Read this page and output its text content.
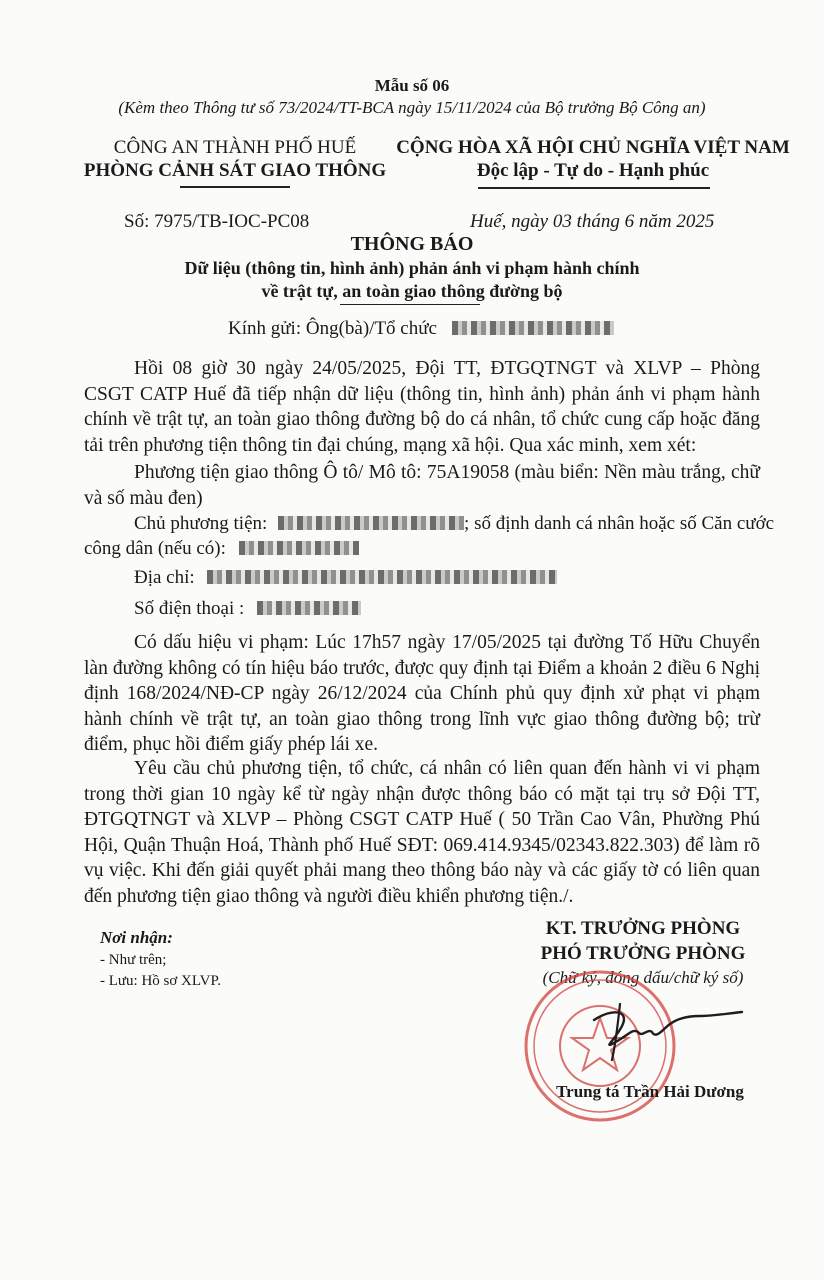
Mẫu số 06
(Kèm theo Thông tư số 73/2024/TT-BCA ngày 15/11/2024 của Bộ trưởng Bộ Công an)
CÔNG AN THÀNH PHỐ HUẾ
PHÒNG CẢNH SÁT GIAO THÔNG
CỘNG HÒA XÃ HỘI CHỦ NGHĨA VIỆT NAM
Độc lập - Tự do - Hạnh phúc
Số: 7975/TB-IOC-PC08	Huế, ngày 03 tháng 6 năm 2025
THÔNG BÁO
Dữ liệu (thông tin, hình ảnh) phản ánh vi phạm hành chính
về trật tự, an toàn giao thông đường bộ
Kính gửi: Ông(bà)/Tổ chức
Hồi 08 giờ 30 ngày 24/05/2025, Đội TT, ĐTGQTNGT và XLVP – Phòng CSGT CATP Huế đã tiếp nhận dữ liệu (thông tin, hình ảnh) phản ánh vi phạm hành chính về trật tự, an toàn giao thông đường bộ do cá nhân, tổ chức cung cấp hoặc đăng tải trên phương tiện thông tin đại chúng, mạng xã hội. Qua xác minh, xem xét:
Phương tiện giao thông Ô tô/ Mô tô: 75A19058 (màu biển: Nền màu trắng, chữ và số màu đen)
Chủ phương tiện:	; số định danh cá nhân hoặc số Căn cước
công dân (nếu có):
Địa chỉ:
Số điện thoại :
Có dấu hiệu vi phạm: Lúc 17h57 ngày 17/05/2025 tại đường Tố Hữu Chuyển làn đường không có tín hiệu báo trước, được quy định tại Điểm a khoản 2 điều 6 Nghị định 168/2024/NĐ-CP ngày 26/12/2024 của Chính phủ quy định xử phạt vi phạm hành chính về trật tự, an toàn giao thông trong lĩnh vực giao thông đường bộ; trừ điểm, phục hồi điểm giấy phép lái xe.
Yêu cầu chủ phương tiện, tổ chức, cá nhân có liên quan đến hành vi vi phạm trong thời gian 10 ngày kể từ ngày nhận được thông báo có mặt tại trụ sở Đội TT, ĐTGQTNGT và XLVP – Phòng CSGT CATP Huế ( 50 Trần Cao Vân, Phường Phú Hội, Quận Thuận Hoá, Thành phố Huế SĐT: 069.414.9345/02343.822.303) để làm rõ vụ việc. Khi đến giải quyết phải mang theo thông báo này và các giấy tờ có liên quan đến phương tiện giao thông và người điều khiển phương tiện./.
Nơi nhận:
- Như trên;
- Lưu: Hồ sơ XLVP.
KT. TRƯỞNG PHÒNG
PHÓ TRƯỞNG PHÒNG
(Chữ ký, đóng dấu/chữ ký số)
Trung tá Trần Hải Dương
